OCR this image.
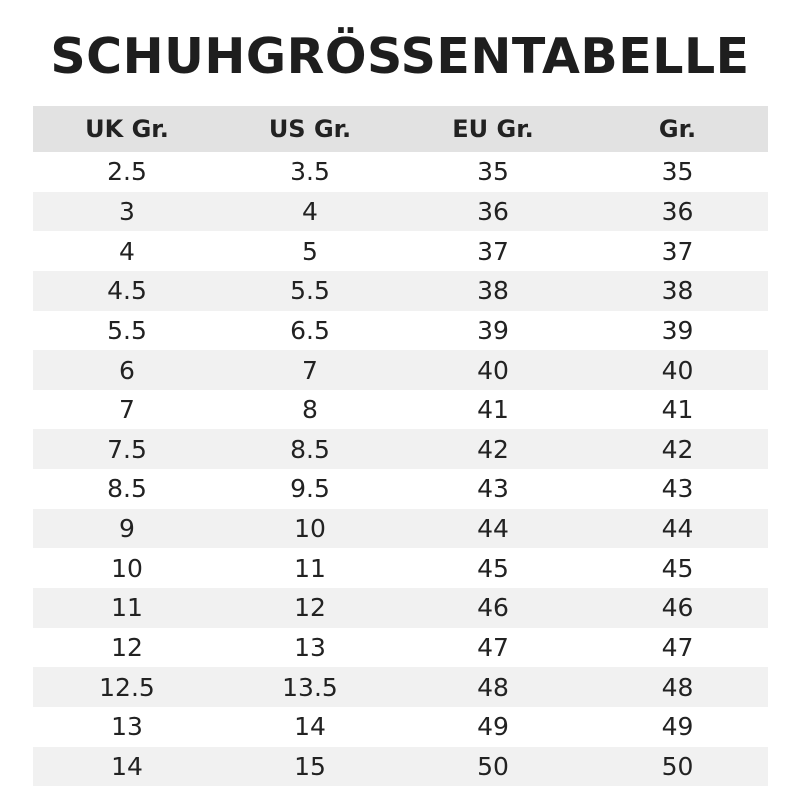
SCHUHGRÖSSENTABELLE
UK Gr.	US Gr.	EU Gr.	Gr.
2.5	3.5	35	35
3	4	36	36
4	5	37	37
4.5	5.5	38	38
5.5	6.5	39	39
6	7	40	40
7	8	41	41
7.5	8.5	42	42
8.5	9.5	43	43
9	10	44	44
10	11	45	45
11	12	46	46
12	13	47	47
12.5	13.5	48	48
13	14	49	49
14	15	50	50
